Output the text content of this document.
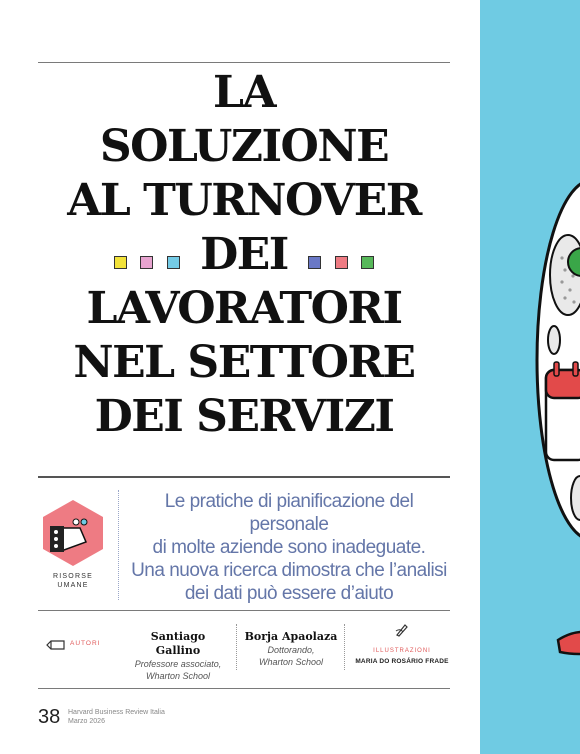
LA
SOLUZIONE
AL TURNOVER
DEI
LAVORATORI
NEL SETTORE
DEI SERVIZI
RISORSE
UMANE
Le pratiche di pianificazione del personale
di molte aziende sono inadeguate.
Una nuova ricerca dimostra che l’analisi
dei dati può essere d’aiuto
AUTORI
Santiago Gallino
Professore associato,
Wharton School
Borja Apaolaza
Dottorando,
Wharton School
ILLUSTRAZIONI
MARIA DO ROSÁRIO FRADE
38 Harvard Business Review Italia
Marzo 2026
